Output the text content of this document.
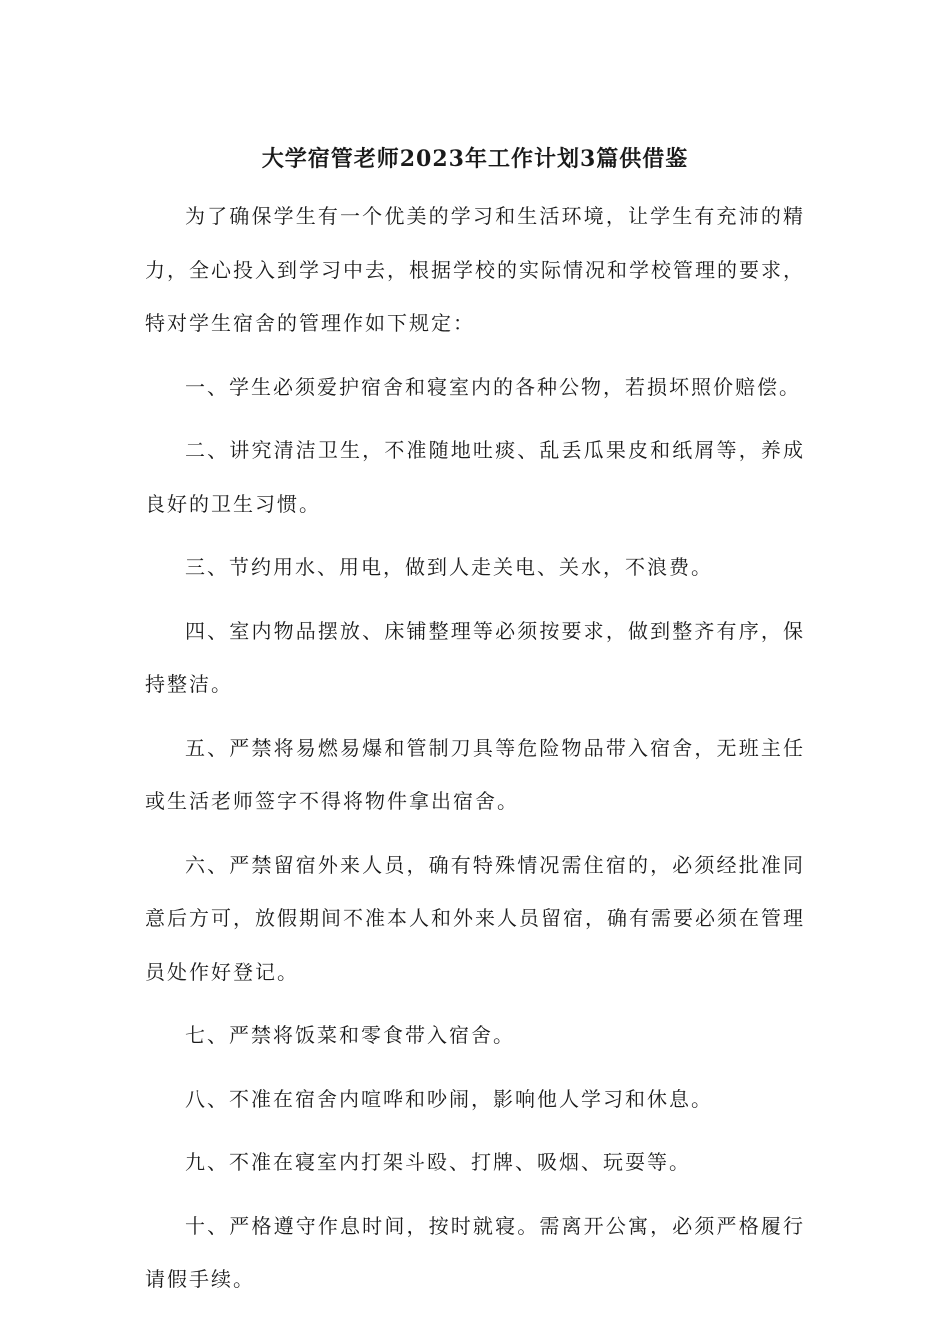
大学宿管老师2023年工作计划3篇供借鉴

为了确保学生有一个优美的学习和生活环境，让学生有充沛的精力，全心投入到学习中去，根据学校的实际情况和学校管理的要求，特对学生宿舍的管理作如下规定：

一、学生必须爱护宿舍和寝室内的各种公物，若损坏照价赔偿。

二、讲究清洁卫生，不准随地吐痰、乱丢瓜果皮和纸屑等，养成良好的卫生习惯。

三、节约用水、用电，做到人走关电、关水，不浪费。

四、室内物品摆放、床铺整理等必须按要求，做到整齐有序，保持整洁。

五、严禁将易燃易爆和管制刀具等危险物品带入宿舍，无班主任或生活老师签字不得将物件拿出宿舍。

六、严禁留宿外来人员，确有特殊情况需住宿的，必须经批准同意后方可，放假期间不准本人和外来人员留宿，确有需要必须在管理员处作好登记。

七、严禁将饭菜和零食带入宿舍。

八、不准在宿舍内喧哗和吵闹，影响他人学习和休息。

九、不准在寝室内打架斗殴、打牌、吸烟、玩耍等。

十、严格遵守作息时间，按时就寝。需离开公寓，必须严格履行请假手续。
